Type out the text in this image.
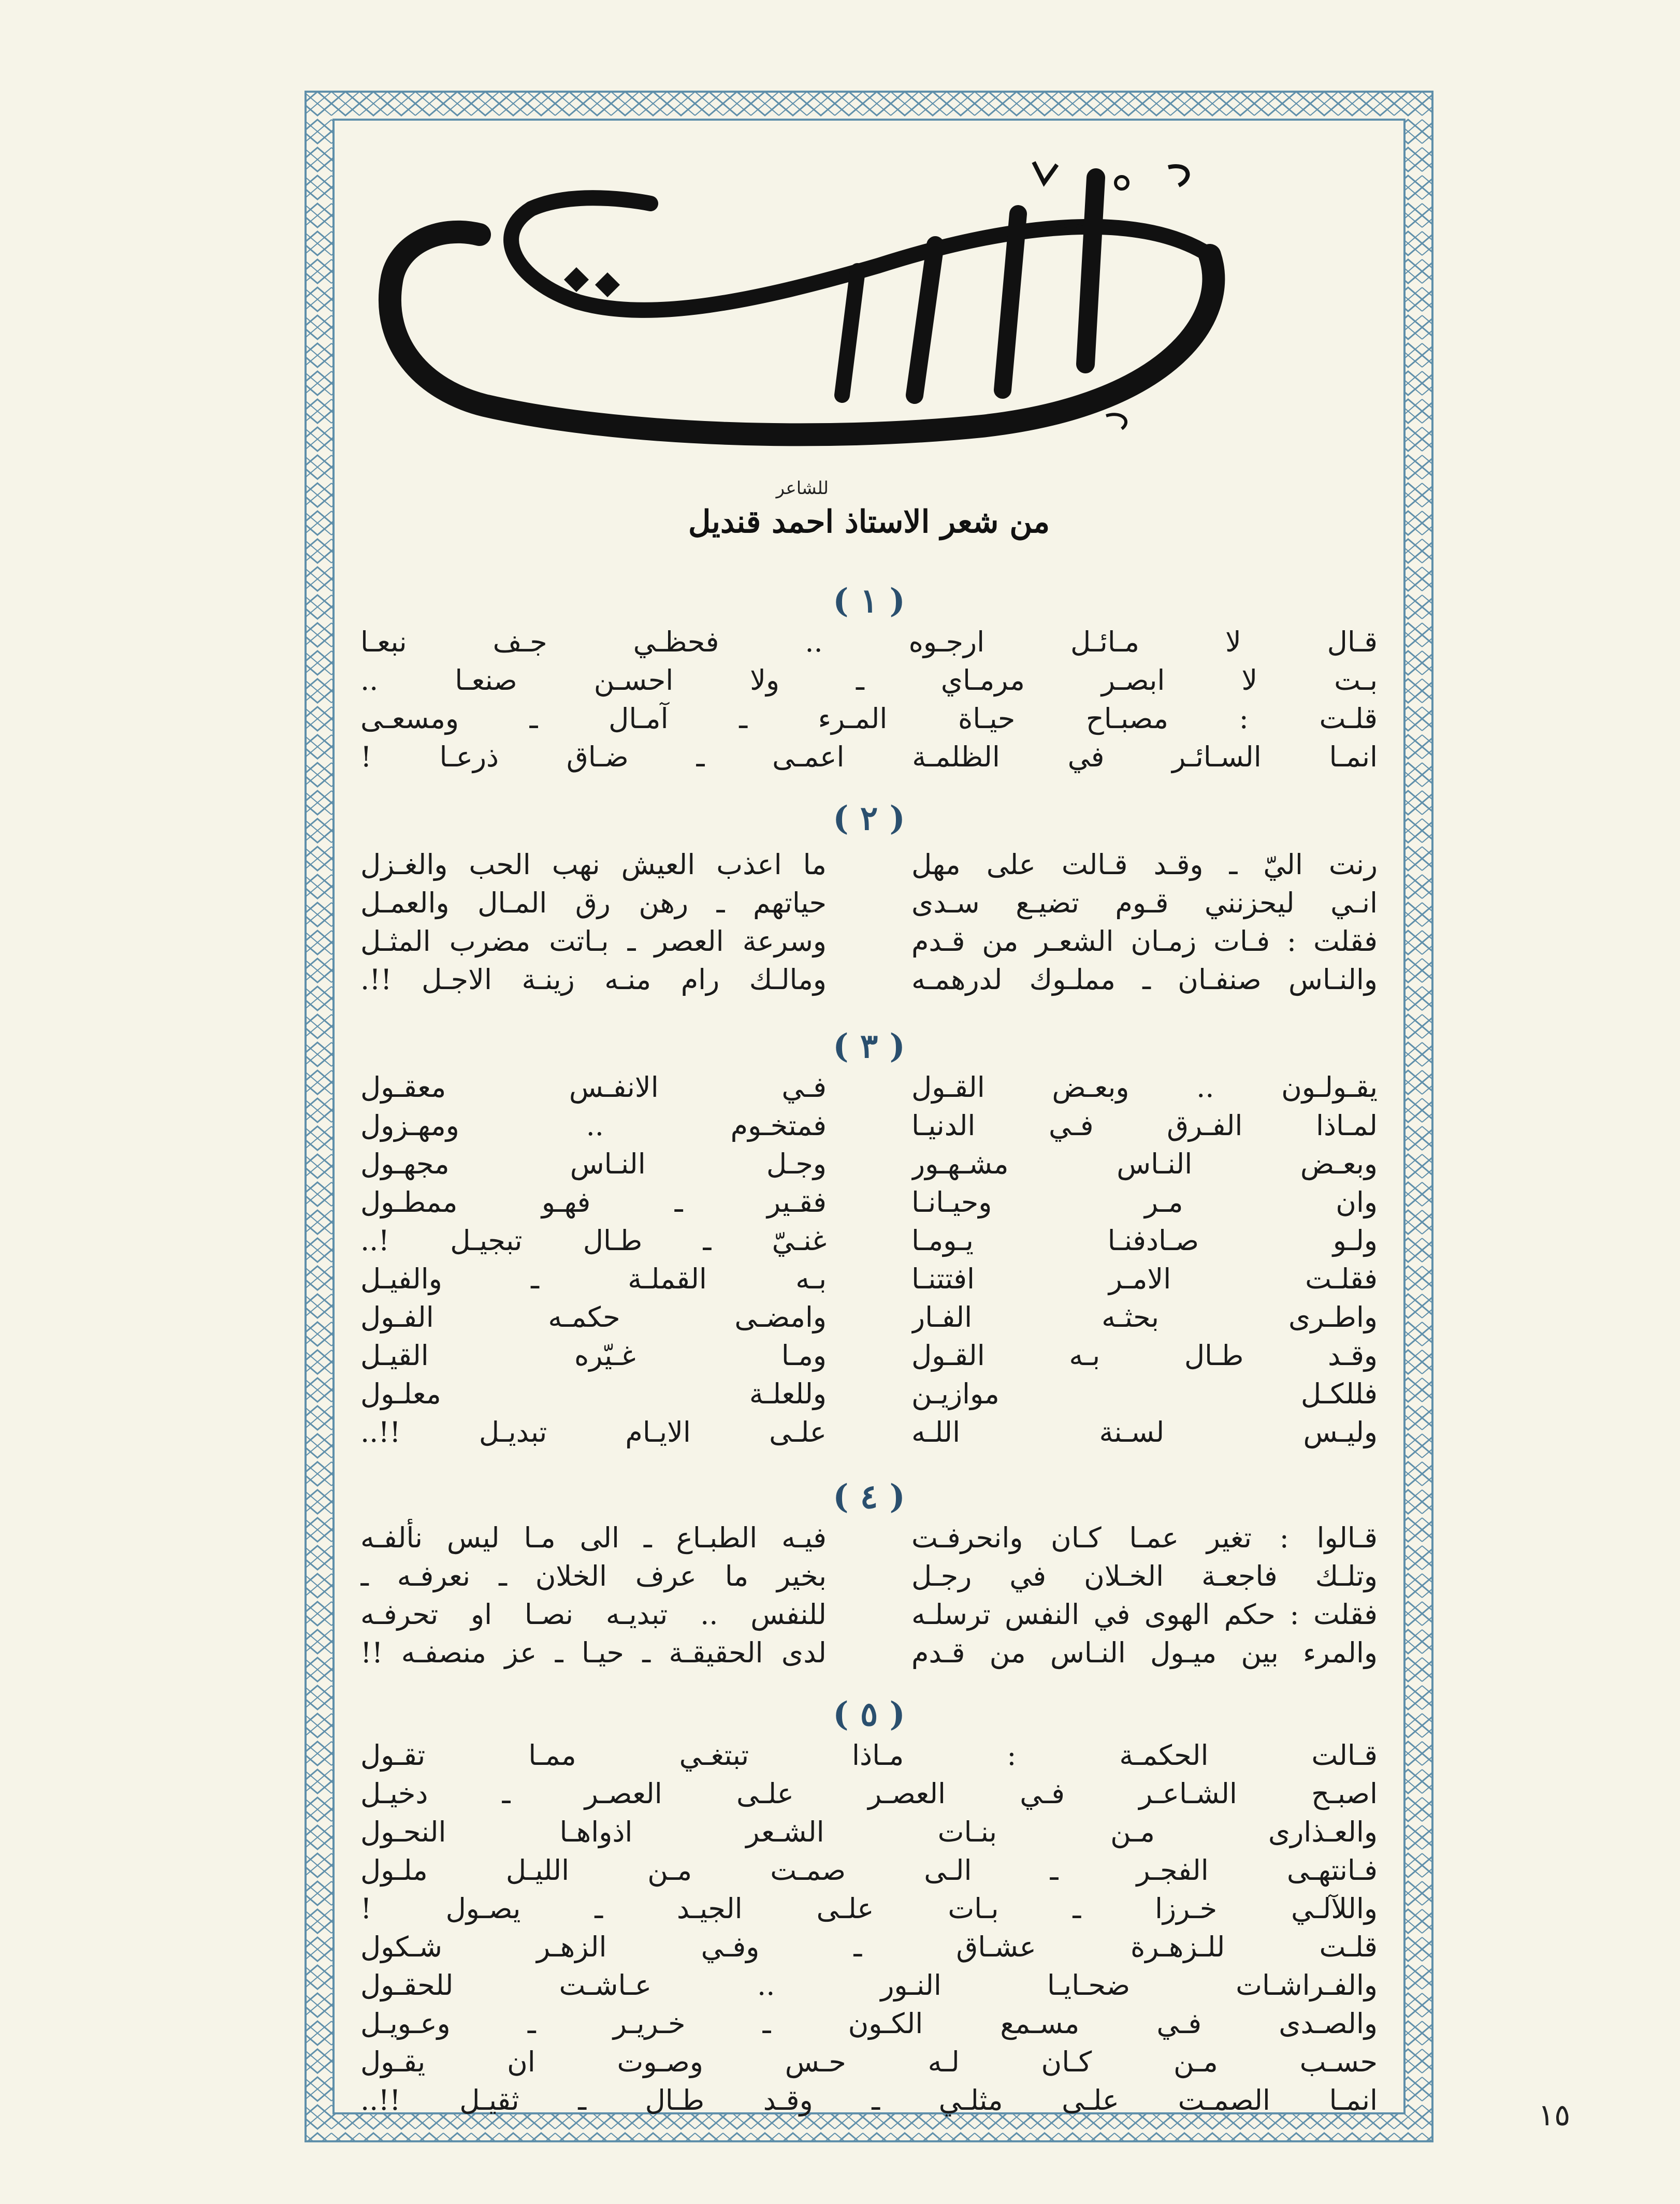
للشاعر
من شعر الاستاذ احمد قنديل
( ١ )
قـال لا مـائـل ارجـوه .. فحظـي جـف نبعـا
بـت لا ابصـر مرمـاي ـ ولا احسـن صنعـا ..
قلـت : مصبـاح حيـاة المـرء ـ آمـال ـ ومسعـى
انمـا السـائـر في الظلمـة اعمـى ـ ضـاق ذرعـا !
( ٢ )
رنت اليّ ـ وقـد قـالت على مهل
انـي ليحزنني قـوم تضيـع سـدى
فقلت : فـات زمـان الشعـر من قـدم
والنـاس صنفـان ـ مملـوك لدرهمـه
ما اعذب العيش نهب الحب والغـزل
حياتهم ـ رهن رق المـال والعمـل
وسرعة العصر ـ بـاتت مضرب المثـل
ومالـك رام منـه زينـة الاجـل !!.
( ٣ )
يقـولـون .. وبعـض القـول
لمـاذا الفـرق فـي الدنيـا
وبعـض النـاس مشـهـور
وان مـر وحيـانـا
ولـو صـادفنـا يـومـا
فقلـت الامـر افتتنـا
واطـرى بحثـه الفـار
وقـد طـال بـه القـول
فللكـل موازيـن
وليـس لسـنة اللـه
فـي الانفـس معقـول
فمتخـوم .. ومهـزول
وجـل النـاس مجهـول
فقـير ـ فهـو ممطـول
غنـيّ ـ طـال تبجيـل !..
بـه القملـة ـ والفيـل
وامضـى حكمـه الفـول
ومـا غـيّره القيـل
وللعلـة معلـول
علـى الايـام تبديـل !!..
( ٤ )
قـالوا : تغير عمـا كـان وانحرفـت
وتلـك فاجعـة الخـلان في رجـل
فقلت : حكم الهوى في النفس ترسلـه
والمرء بين ميـول النـاس من قـدم
فيـه الطبـاع ـ الى مـا ليس نألفـه
بخير ما عرف الخلان ـ نعرفـه ـ
للنفس .. تبديـه نصـا او تحرفـه
لدى الحقيقـة ـ حيـا ـ عز منصفـه !!
( ٥ )
قـالت الحكمـة : مـاذا تبتغـي ممـا تقـول
اصبـح الشـاعـر فـي العصـر علـى العصـر ـ دخيـل
والعـذارى مـن بنـات الشـعر اذواهـا النحـول
فـانتهـى الفجـر ـ الـى صمـت مـن الليـل ملـول
واللآلـي خـرزا ـ بـات علـى الجيـد ـ يصـول !
قلـت للـزهـرة عشـاق ـ وفـي الزهـر شـكول
والفـراشـات ضحـايـا النـور .. عـاشـت للحقـول
والصـدى فـي مسـمع الكـون ـ خـريـر ـ وعـويـل
حسـب مـن كـان لـه حـس وصـوت ان يقـول
انمـا الصمـت علـى مثلـي ـ وقـد طـال ـ ثقيـل !!..	١٥
